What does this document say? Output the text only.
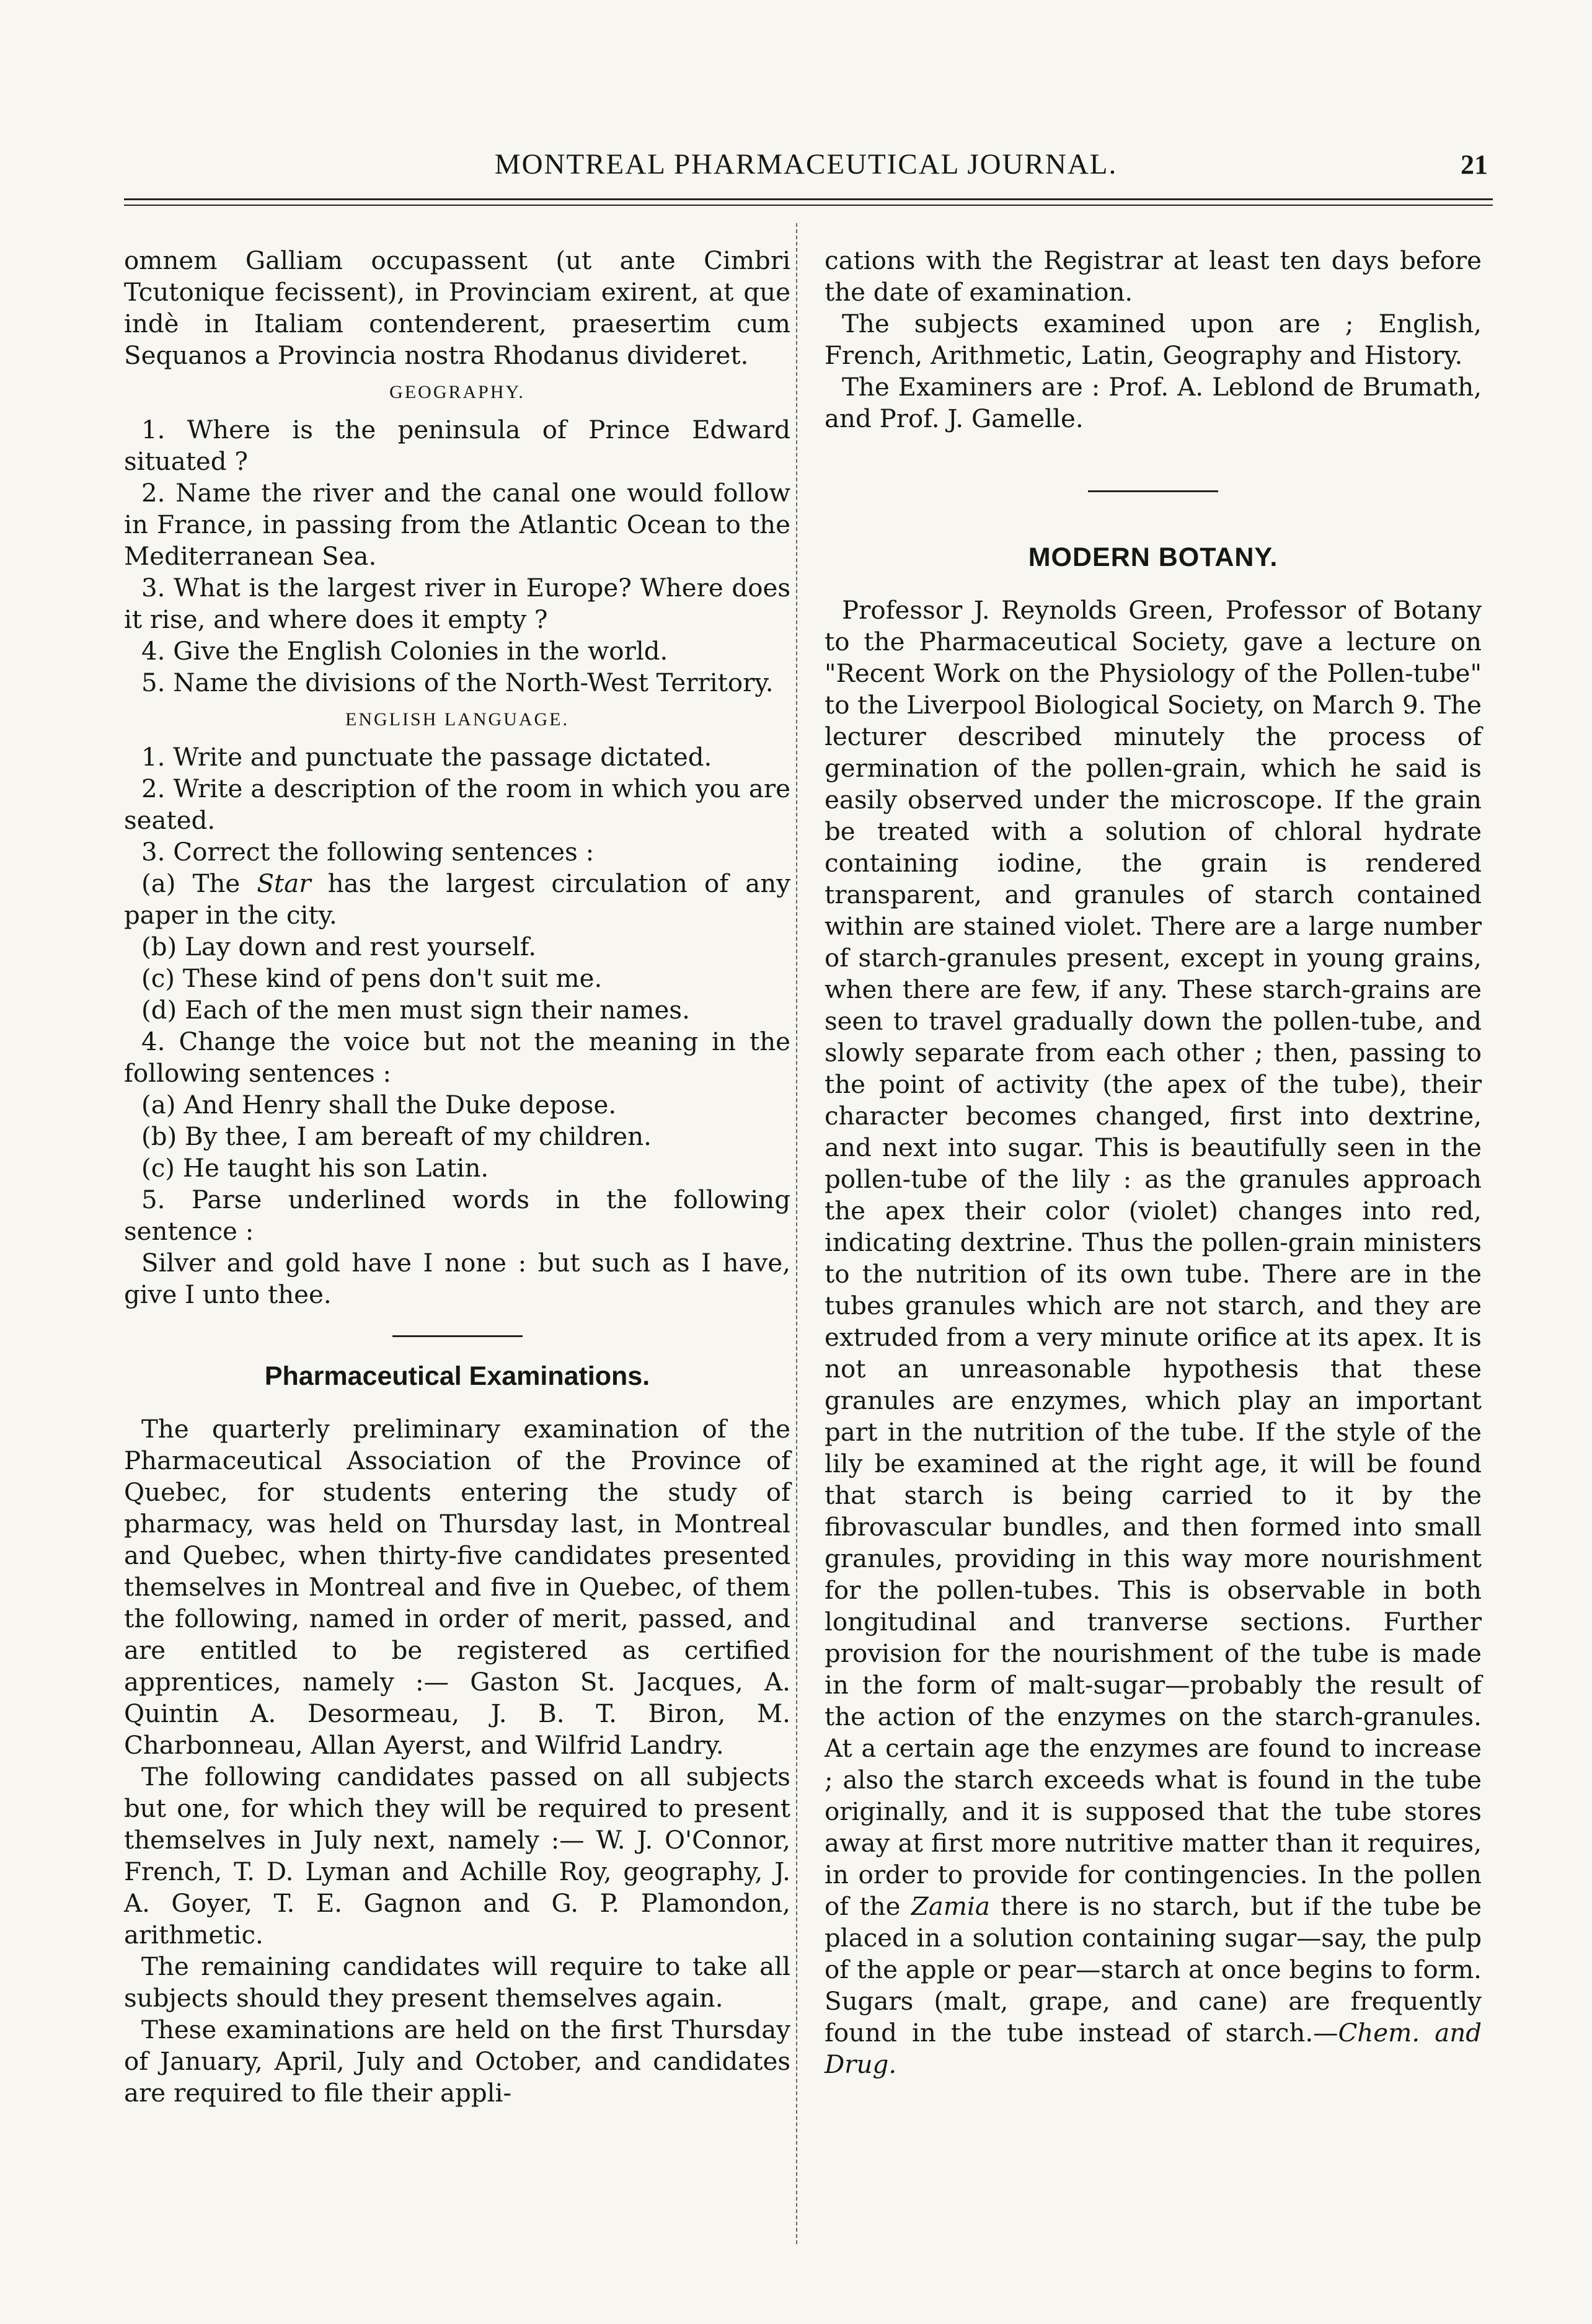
MONTREAL PHARMACEUTICAL JOURNAL.	21

omnem Galliam occupassent (ut ante Cimbri Tcutonique fecissent), in Provinciam exirent, at que indè in Italiam contenderent, praesertim cum Sequanos a Provincia nostra Rhodanus divideret.

GEOGRAPHY.

1. Where is the peninsula of Prince Edward situated ?

2. Name the river and the canal one would follow in France, in passing from the Atlantic Ocean to the Mediterranean Sea.

3. What is the largest river in Europe? Where does it rise, and where does it empty ?

4. Give the English Colonies in the world.

5. Name the divisions of the North-West Territory.

ENGLISH LANGUAGE.

1. Write and punctuate the passage dictated.

2. Write a description of the room in which you are seated.

3. Correct the following sentences :

(a) The Star has the largest circulation of any paper in the city.

(b) Lay down and rest yourself.

(c) These kind of pens don't suit me.

(d) Each of the men must sign their names.

4. Change the voice but not the meaning in the following sentences :

(a) And Henry shall the Duke depose.

(b) By thee, I am bereaft of my children.

(c) He taught his son Latin.

5. Parse underlined words in the following sentence :

Silver and gold have I none : but such as I have, give I unto thee.

Pharmaceutical Examinations.

The quarterly preliminary examination of the Pharmaceutical Association of the Province of Quebec, for students entering the study of pharmacy, was held on Thursday last, in Montreal and Quebec, when thirty-five candidates presented themselves in Montreal and five in Quebec, of them the following, named in order of merit, passed, and are entitled to be registered as certified apprentices, namely :— Gaston St. Jacques, A. Quintin A. Desormeau, J. B. T. Biron, M. Charbonneau, Allan Ayerst, and Wilfrid Landry.

The following candidates passed on all subjects but one, for which they will be required to present themselves in July next, namely :— W. J. O'Connor, French, T. D. Lyman and Achille Roy, geography, J. A. Goyer, T. E. Gagnon and G. P. Plamondon, arithmetic.

The remaining candidates will require to take all subjects should they present themselves again.

These examinations are held on the first Thursday of January, April, July and October, and candidates are required to file their appli-

cations with the Registrar at least ten days before the date of examination.

The subjects examined upon are ; English, French, Arithmetic, Latin, Geography and History.

The Examiners are : Prof. A. Leblond de Brumath, and Prof. J. Gamelle.

MODERN BOTANY.

Professor J. Reynolds Green, Professor of Botany to the Pharmaceutical Society, gave a lecture on "Recent Work on the Physiology of the Pollen-tube" to the Liverpool Biological Society, on March 9. The lecturer described minutely the process of germination of the pollen-grain, which he said is easily observed under the microscope. If the grain be treated with a solution of chloral hydrate containing iodine, the grain is rendered transparent, and granules of starch contained within are stained violet. There are a large number of starch-granules present, except in young grains, when there are few, if any. These starch-grains are seen to travel gradually down the pollen-tube, and slowly separate from each other ; then, passing to the point of activity (the apex of the tube), their character becomes changed, first into dextrine, and next into sugar. This is beautifully seen in the pollen-tube of the lily : as the granules approach the apex their color (violet) changes into red, indicating dextrine. Thus the pollen-grain ministers to the nutrition of its own tube. There are in the tubes granules which are not starch, and they are extruded from a very minute orifice at its apex. It is not an unreasonable hypothesis that these granules are enzymes, which play an important part in the nutrition of the tube. If the style of the lily be examined at the right age, it will be found that starch is being carried to it by the fibrovascular bundles, and then formed into small granules, providing in this way more nourishment for the pollen-tubes. This is observable in both longitudinal and tranverse sections. Further provision for the nourishment of the tube is made in the form of malt-sugar—probably the result of the action of the enzymes on the starch-granules. At a certain age the enzymes are found to increase ; also the starch exceeds what is found in the tube originally, and it is supposed that the tube stores away at first more nutritive matter than it requires, in order to provide for contingencies. In the pollen of the Zamia there is no starch, but if the tube be placed in a solution containing sugar—say, the pulp of the apple or pear—starch at once begins to form. Sugars (malt, grape, and cane) are frequently found in the tube instead of starch.—Chem. and Drug.
